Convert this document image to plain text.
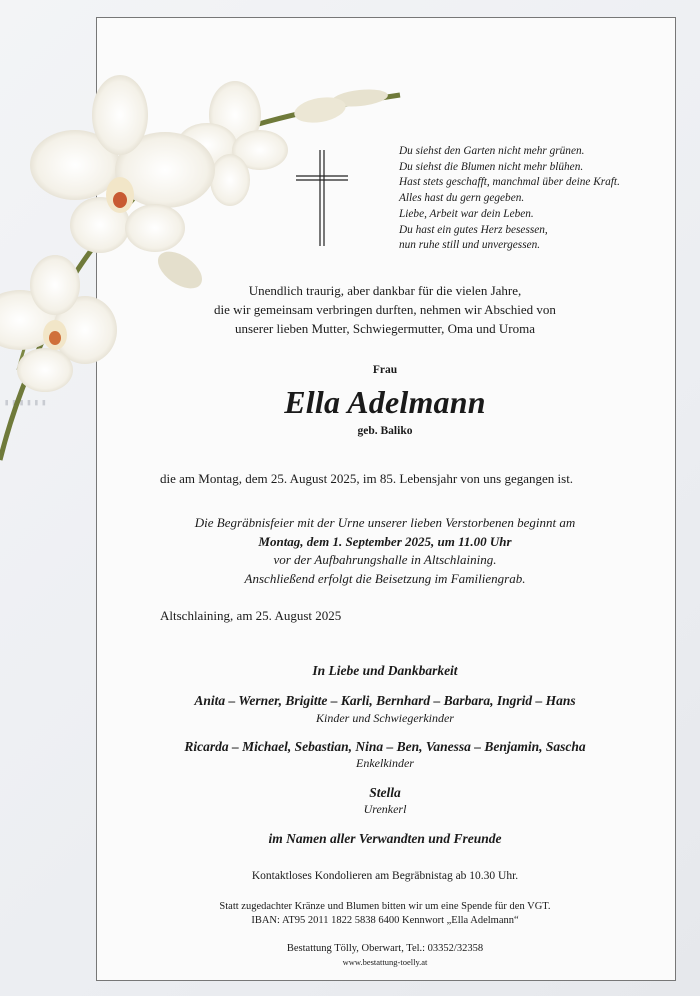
▮▮▮▮▮▮
Du siehst den Garten nicht mehr grünen.
Du siehst die Blumen nicht mehr blühen.
Hast stets geschafft, manchmal über deine Kraft.
Alles hast du gern gegeben.
Liebe, Arbeit war dein Leben.
Du hast ein gutes Herz besessen,
nun ruhe still und unvergessen.
Unendlich traurig, aber dankbar für die vielen Jahre,
die wir gemeinsam verbringen durften, nehmen wir Abschied von
unserer lieben Mutter, Schwiegermutter, Oma und Uroma
Frau
Ella Adelmann
geb. Baliko
die am Montag, dem 25. August 2025, im 85. Lebensjahr von uns gegangen ist.
Die Begräbnisfeier mit der Urne unserer lieben Verstorbenen beginnt am
Montag, dem 1. September 2025, um 11.00 Uhr
vor der Aufbahrungshalle in Altschlaining.
Anschließend erfolgt die Beisetzung im Familiengrab.
Altschlaining, am 25. August 2025
In Liebe und Dankbarkeit
Anita – Werner, Brigitte – Karli, Bernhard – Barbara, Ingrid – Hans
Kinder und Schwiegerkinder
Ricarda – Michael, Sebastian, Nina – Ben, Vanessa – Benjamin, Sascha
Enkelkinder
Stella
Urenkerl
im Namen aller Verwandten und Freunde
Kontaktloses Kondolieren am Begräbnistag ab 10.30 Uhr.
Statt zugedachter Kränze und Blumen bitten wir um eine Spende für den VGT.
IBAN: AT95 2011 1822 5838 6400 Kennwort „Ella Adelmann“
Bestattung Tölly, Oberwart, Tel.: 03352/32358
www.bestattung-toelly.at
